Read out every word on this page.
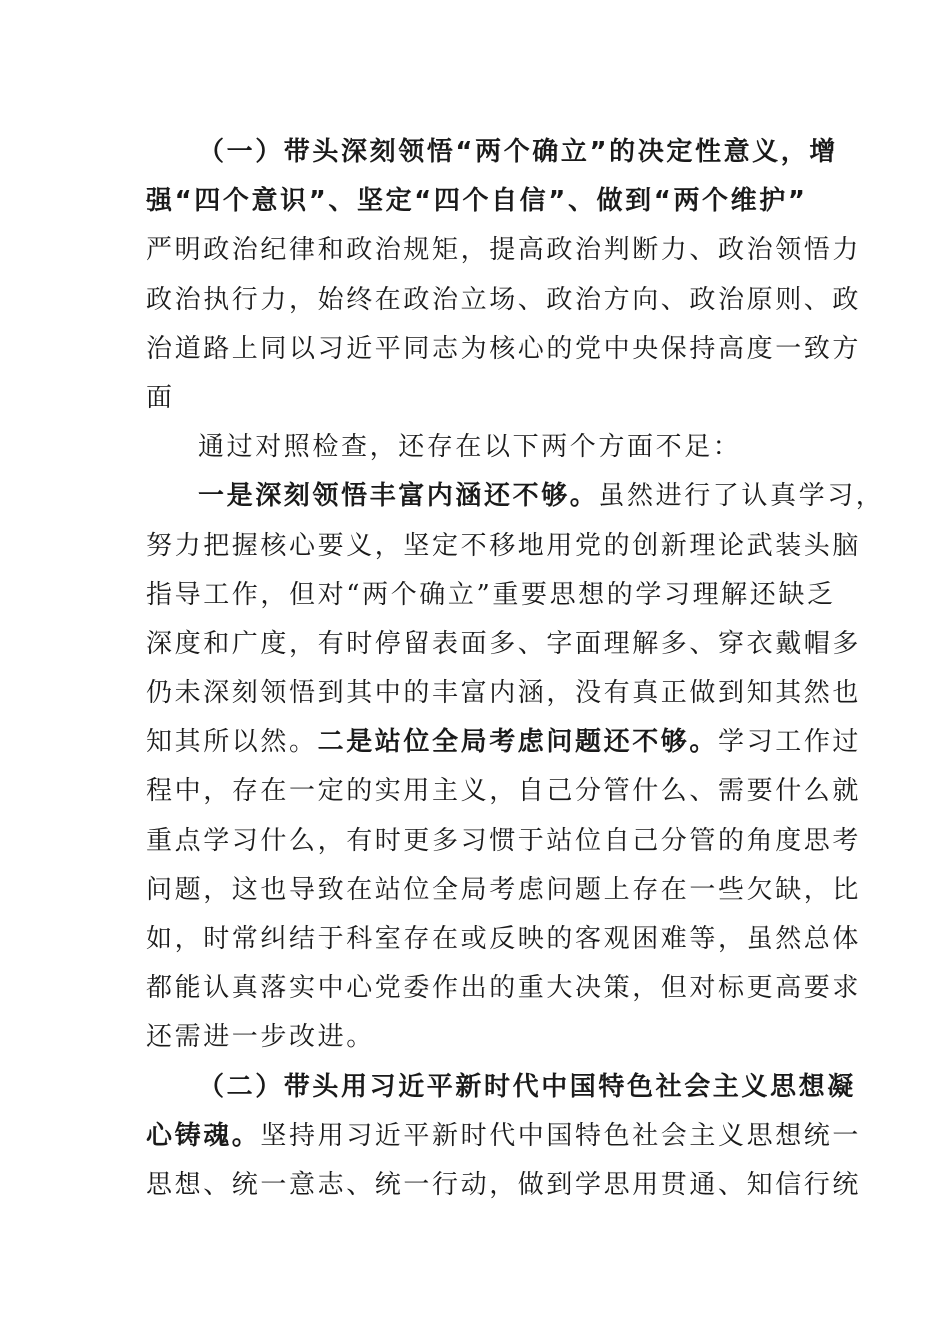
（一）带头深刻领悟“两个确立”的决定性意义，增
强“四个意识”、坚定“四个自信”、做到“两个维护”
严明政治纪律和政治规矩，提高政治判断力、政治领悟力
政治执行力，始终在政治立场、政治方向、政治原则、政
治道路上同以习近平同志为核心的党中央保持高度一致方
面
通过对照检查，还存在以下两个方面不足：
一是深刻领悟丰富内涵还不够。虽然进行了认真学习，
努力把握核心要义，坚定不移地用党的创新理论武装头脑
指导工作，但对“两个确立”重要思想的学习理解还缺乏
深度和广度，有时停留表面多、字面理解多、穿衣戴帽多
仍未深刻领悟到其中的丰富内涵，没有真正做到知其然也
知其所以然。二是站位全局考虑问题还不够。学习工作过
程中，存在一定的实用主义，自己分管什么、需要什么就
重点学习什么，有时更多习惯于站位自己分管的角度思考
问题，这也导致在站位全局考虑问题上存在一些欠缺，比
如，时常纠结于科室存在或反映的客观困难等，虽然总体
都能认真落实中心党委作出的重大决策，但对标更高要求
还需进一步改进。
（二）带头用习近平新时代中国特色社会主义思想凝
心铸魂。坚持用习近平新时代中国特色社会主义思想统一
思想、统一意志、统一行动，做到学思用贯通、知信行统
